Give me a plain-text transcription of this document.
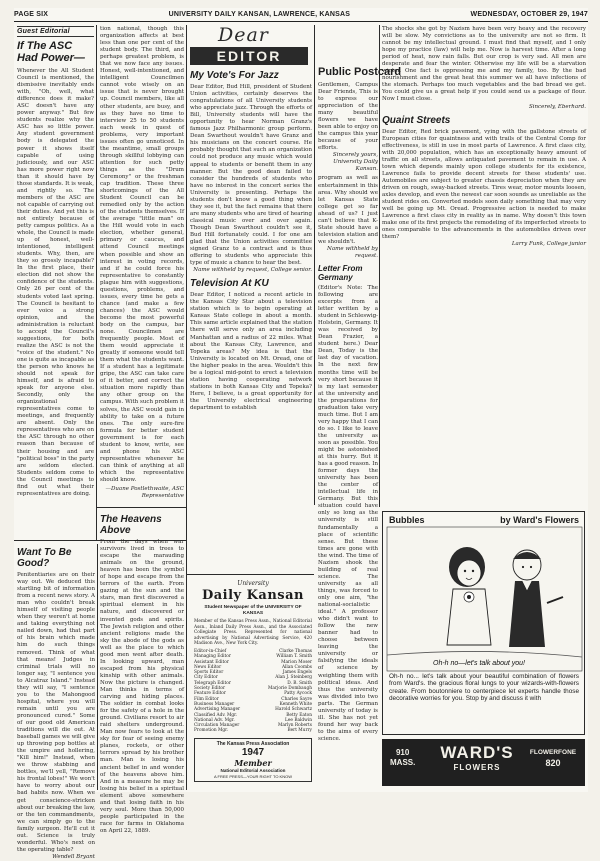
PAGE SIX	UNIVERSITY DAILY KANSAN, LAWRENCE, KANSAS	WEDNESDAY, OCTOBER 29, 1947
Guest Editorial
If The ASC Had Power—
Whenever the All Student Council is mentioned, the dismissive inevitably ends with, "Oh, well, what difference does it make? ASC doesn't have any power anyway." But few students realize why the ASC has so little power. Any student government body is delegated the power it shows itself capable of using judiciously, and our ASC has more power right now than it should have by those standards. It is weak, and rightly so. The members of the ASC are not capable of carrying out their duties. And yet this is not entirely because of petty campus politics. As a whole, the Council is made up of honest, well-intentioned, intelligent students. Why, then, are they so grossly incapable? In the first place, their election did not show the confidence of the students. Only 26 per cent of the students voted last spring. The Council is hesitant to ever voice a strong opinion, and the administration is reluctant to accept the Council's suggestions, for both realize the ASC is not the "voice of the student." No one is quite as incapable as the person who knows he should not speak for himself, and is afraid to speak for anyone else. Secondly, only the organizational representatives come to meetings, and frequently are absent. Only the representatives who are on the ASC through no other reason than because of their housing and are "political boss" in the party are seldom elected. Students seldom come to the Council meetings to find out what their representatives are doing.
tion national, though this organization affects at best less than one per cent of the student body. The third, and perhaps greatest problem, is that we now face any issues. Honest, well-intentioned, and intelligent Councilmen cannot vote wisely on an issue that is never brought up. Council members, like all other students, are busy, and as they have no time to interview 25 to 50 students each week in quest of problems, very important issues often go unnoticed. In the meantime, small groups through skillful lobbying can attention for such petty things as the "Drum Ceremony" or the freshman cap tradition. These three shortcomings of the All Student Council can be remedied only by the action of the students themselves. If the average "little man" on the Hill would vote in each election, whether general, primary or caucus, and attend Council meetings when possible and show an interest in voting records, and if he could force his representative to constantly plague him with suggestions, questions, problems, and issues, every time he gets a chance (and make a few chances) the ASC would become the most powerful body on the campus, bar none. Councilmen are frequently people. Most of them would appreciate it greatly if someone would tell them what the students want. If a student has a legitimate gripe, the ASC can take care of it better, and correct the situation more rapidly than any other group on the campus. With such problem it solves, the ASC would gain in ability to take on a future ones. The only sure-fire formula for better student government is for each student to know, write, see and phone his ASC representative whenever he can think of anything at all which the representative should know.
—Duane Postlethwaite, ASC Representative
Want To Be Good?
Penitentiaries are on their way out. We deduced this startling bit of information from a recent news story. A man who couldn't break himself of visiting people when they weren't at home and taking everything not nailed down, had that part of his brain which made him do such things removed. Think of what that means! Judges in criminal trials will no longer say, "I sentence you to Alcatraz Island." Instead they will say, "I sentence you to the Mahongood hospital, where you will remain until you are pronounced cured." Some of our good old American traditions will die out. At baseball games we will give up throwing pop bottles at the umpire and hollering, "Kill him!" Instead, when we throw stabbing and bottles, we'll yell, "Remove his frontal lobes!" We won't have to worry about our bad habits now. When we get conscience-stricken about our breaking the law, or the ten commandments, we can simply go to the family surgeon. He'll cut it out. Science is truly wonderful. Who's next on the operating table?
Wendell Bryant
The Heavens Above
From the days when war survivors lived in trees to escape the marauding animals on the ground, heaven has been the symbol of hope and escape from the terrors of the earth. From gazing at the sun and the stars, man first discovered a spiritual element in his nature, and discovered or invented gods and spirits. The Jewish religion and other ancient religions made the sky the abode of the gods as well as the place to which good men went after death. In looking upward, man escaped from his physical kinship with other animals. Now the picture is changed. Man thinks in terms of carving and hiding places. The soldier in combat looks for the safety of a hole in the ground. Civilians resort to air raid shelters underground. Man now fears to look at the sky for fear of seeing enemy planes, rockets, or other terrors spread by his brother man. Man is losing his ancient belief in and wonder of the heavens above him. And in a measure he may be losing his belief in a spiritual element above somewhere and that losing faith in his very soul. More than 50,000 people participated in the race for farms in Oklahoma on April 22, 1889.
Dear
EDITOR
My Vote's For Jazz
Dear Editor, Bud Hill, president of Student Union activities, certainly deserves the congratulations of all University students who appreciate jazz. Through the efforts of Bill, University students will have the opportunity to hear Norman Granz's famous Jazz Philharmonic group perform. Dean Swarthout wouldn't have Granz and his musicians on the concert course. He probably thought that such an organization could not produce any music which would appeal to students or benefit them in any manner. But the good dean failed to consider the hundreds of students who have no interest in the concert series the University is presenting. Perhaps the students don't know a good thing when they see it, but the fact remains that there are many students who are tired of hearing classical music over and over again. Though Dean Swarthout couldn't see it, Bud Hill fortunately could. I for one am glad that the Union activities committee signed Granz to a contract and is thus offering to students who appreciate this type of music a chance to hear the best.
Name withheld by request, College senior.
Television At KU
Dear Editor, I noticed a recent article in the Kansas City Star about a television station which is to begin operating at Kansas State college in about a month. This same article explained that the station there will serve only an area including Manhattan and a radius of 22 miles. What about the Kansas City, Lawrence, and Topeka areas? My idea is that the University is located on Mt. Oread, one of the higher peaks in the area. Wouldn't this be a logical mid-point to erect a television station having cooperating network stations in both Kansas City and Topeka? Here, I believe, is a great opportunity for the University electrical engineering department to establish
University
Daily Kansan
Student Newspaper of the UNIVERSITY OF KANSAS
Member of the Kansas Press Assn., National Editorial Assn., Inland Daily Press Assn., and the Associated Collegiate Press. Represented for national advertising by National Advertising Service, 420 Madison Ave., New York City.
Editor-in-Chief	Clarke Thomas
Managing Editor	William T. Smith
Assistant Editor	Marion Moser
News Editor	Allan Coombs
Sports Editor	James Engels
City Editor	Alan J. Steinberg
Telegraph Editor	D. B. Smith
Society Editor	Marjorie Dombaugh
Feature Editor	Patty Aycock
Film Editor	Charles Sayre
Business Manager	Kenneth White
Advertising Manager	Harold Schwartz
Classified Adv. Mgr.	Betty Eaton
National Adv. Mgr.	Lee Baldwin
Circulation Manager	Marlyn Roberts
Promotion Mgr.	Bert Murry
The Kansas Press Association
1947
Member
National Editorial Association
A FREE PRESS—YOUR RIGHT TO KNOW
Public Postcard
Gentlemen, Campus Dear Friends, This is to express our appreciation of the many beautiful flowers we have been able to enjoy on the campus this year because of your efforts.
Sincerely yours, University Daily Kansan.
program as well as entertainment in this area. Why should we let Kansas State college get so far ahead of us? I just can't believe that K-State should have a television station and we shouldn't.
Name withheld by request.
Letter From Germany
(Editor's Note: The following are excerpts from a letter written by a student in Schleswig-Holstein, Germany. It was received by Dean Frazier, a student here.) Dear Dean, Today is the last day of vacation. In the next few months time will be very short because it is my last semester at the university and the preparations for graduation take very much time. But I am very happy that I can do so. I like to leave the university as soon as possible. You might be astonished at this hurry. But it has a good reason. In former days the university has been the center of intellectual life in Germany. But this situation could have only so long as the university is still fundamentally a place of scientific sense. But these times are gone with the wind. The time of Nazism shook the building of real science. The university as all things, was forced to only one aim, "the national-socialistic ideal." A professor who didn't want to follow the new banner had to choose between leaving the university or falsifying the ideals of science by weighting them with political ideas. And thus the university was divided into two parts. The German university of today is ill. She has not yet found her way back to the aims of every science.
The shocks she got by Nazism have been very heavy and the recovery will be slow. My convictions as to the university are not so firm. It cannot be my intellectual ground. I must find that myself, and I only hope my practice (law) will help me. Now is harvest time. After a long period of heat, now rain falls. But our crop is very sad. All men are desperate and fear the winter. Otherwise my life will be a starvation winter. One fact is oppressing me and my family, too. By the bad nourishment and the great heat this summer we all have infections of the stomach. Perhaps too much vegetables and the bad bread we get. You could give us a great help if you could send us a package of flour. Now I must close.
Sincerely, Eberhard.
Quaint Streets
Dear Editor, Red brick pavement, vying with the gallstone streets of European cities for quaintness and with trails of the Central Comp for effectiveness, is still in use in most parts of Lawrence. A first class city, with 20,000 population, which has an exceptionally heavy amount of traffic on all streets, allows antiquated pavement to remain in use. A town which depends mainly upon college students for its existence, Lawrence fails to provide decent streets for these students' use. Automobiles are subject to greater chassis depreciation when they are driven on rough, sway-backed streets. Tires wear, motor mounts loosen, axles develop, and even the newest car soon sounds as unreliable as the student rides on. Converted models soon daily something that may very well be going up Mt. Oread. Progressive action is needed to make Lawrence a first class city in reality as in name. Why doesn't this town make one of its first projects the remodeling of its imperfected streets to ones comparable to the advancements in the automobiles driven over them?
Larry Funk, College junior
Bubbles	by Ward's Flowers
Oh-h no—let's talk about you!
Oh-h no... let's talk about your beautiful combination of flowers from Ward's. the gracious floral lungs to your wizards-with-flowers create. From boutonniere to centerpiece let experts handle those decorative worries for you. Stop by and discuss it with
910
MASS.
WARD'S
FLOWERS
FLOWERFONE
820
